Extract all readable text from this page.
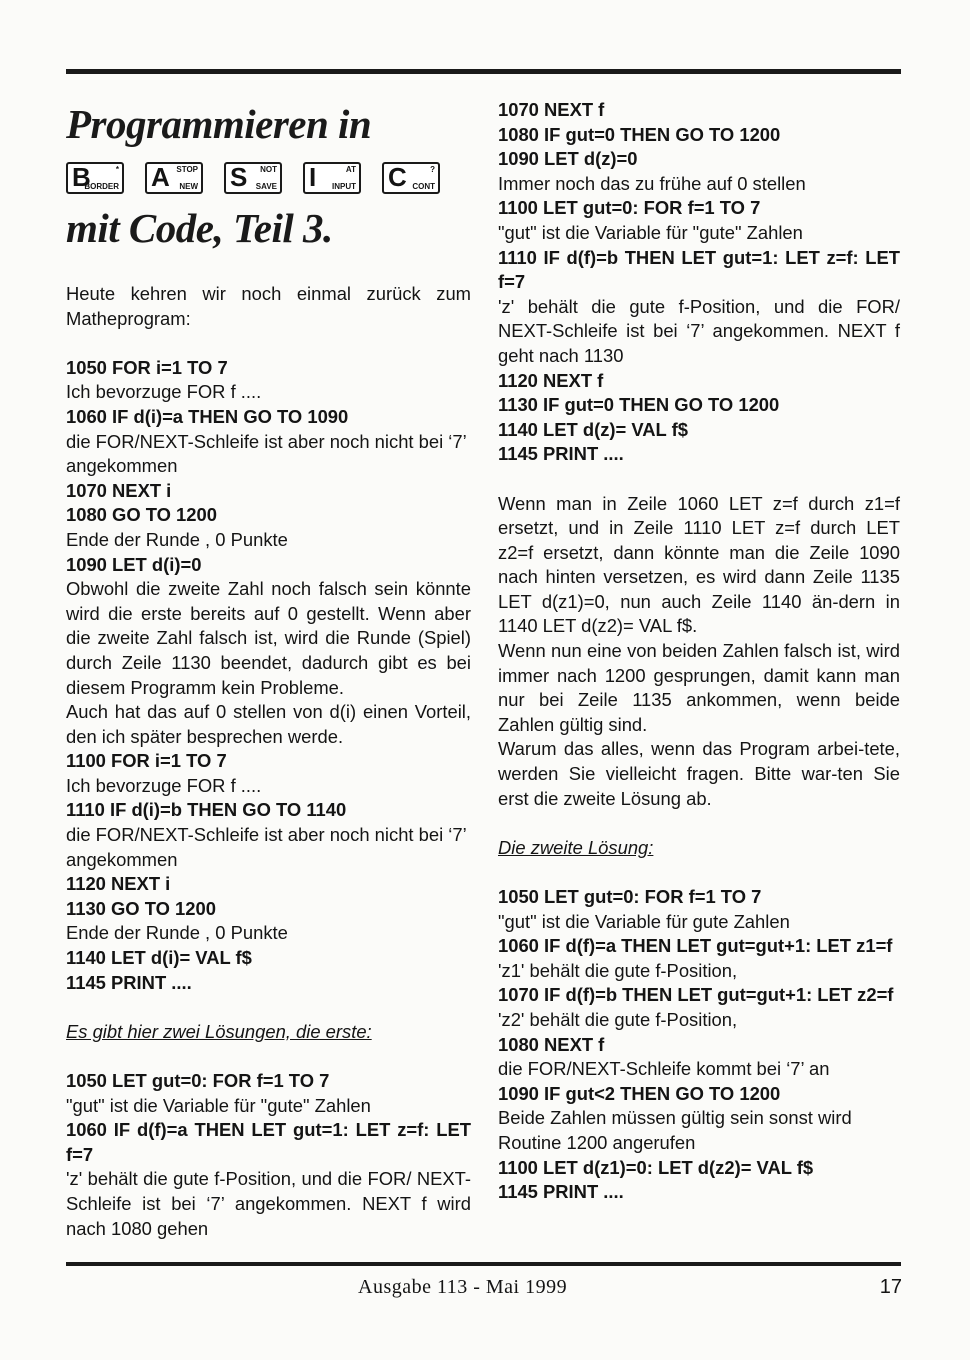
Programmieren in
B	*
BORDER A STOP
NEW S NOT
SAVE I	AT
INPUT C	?
CONT
mit Code, Teil 3.
Heute kehren wir noch einmal zurück zum Matheprogram:
1050 FOR i=1 TO 7
Ich bevorzuge FOR f ....
1060 IF d(i)=a THEN GO TO 1090
die FOR/NEXT-Schleife ist aber noch nicht bei ‘7’ angekommen
1070 NEXT i
1080 GO TO 1200
Ende der Runde , 0 Punkte
1090 LET d(i)=0
Obwohl die zweite Zahl noch falsch sein könnte wird die erste bereits auf 0 gestellt. Wenn aber die zweite Zahl falsch ist, wird die Runde (Spiel) durch Zeile 1130 beendet, dadurch gibt es bei diesem Programm kein Probleme.
Auch hat das auf 0 stellen von d(i) einen Vorteil, den ich später besprechen werde.
1100 FOR i=1 TO 7
Ich bevorzuge FOR f ....
1110 IF d(i)=b THEN GO TO 1140
die FOR/NEXT-Schleife ist aber noch nicht bei ‘7’ angekommen
1120 NEXT i
1130 GO TO 1200
Ende der Runde , 0 Punkte
1140 LET d(i)= VAL f$
1145 PRINT ....
Es gibt hier zwei Lösungen, die erste:
1050 LET gut=0: FOR f=1 TO 7
"gut" ist die Variable für "gute" Zahlen
1060 IF d(f)=a THEN LET gut=1: LET z=f: LET f=7
'z' behält die gute f-Position, und die FOR/ NEXT-Schleife ist bei ‘7’ angekommen. NEXT f wird nach 1080 gehen
1070 NEXT f
1080 IF gut=0 THEN GO TO 1200
1090 LET d(z)=0
Immer noch das zu frühe auf 0 stellen
1100 LET gut=0: FOR f=1 TO 7
"gut" ist die Variable für "gute" Zahlen
1110 IF d(f)=b THEN LET gut=1: LET z=f: LET f=7
'z' behält die gute f-Position, und die FOR/ NEXT-Schleife ist bei ‘7’ angekommen. NEXT f geht nach 1130
1120 NEXT f
1130 IF gut=0 THEN GO TO 1200
1140 LET d(z)= VAL f$
1145 PRINT ....
Wenn man in Zeile 1060 LET z=f durch z1=f ersetzt, und in Zeile 1110 LET z=f durch LET z2=f ersetzt, dann könnte man die Zeile 1090 nach hinten versetzen, es wird dann Zeile 1135 LET d(z1)=0, nun auch Zeile 1140 än-dern in 1140 LET d(z2)= VAL f$.
Wenn nun eine von beiden Zahlen falsch ist, wird immer nach 1200 gesprungen, damit kann man nur bei Zeile 1135 ankommen, wenn beide Zahlen gültig sind.
Warum das alles, wenn das Program arbei-tete, werden Sie vielleicht fragen. Bitte war-ten Sie erst die zweite Lösung ab.
Die zweite Lösung:
1050 LET gut=0: FOR f=1 TO 7
"gut" ist die Variable für gute Zahlen
1060 IF d(f)=a THEN LET gut=gut+1: LET z1=f
'z1' behält die gute f-Position,
1070 IF d(f)=b THEN LET gut=gut+1: LET z2=f
'z2' behält die gute f-Position,
1080 NEXT f
die FOR/NEXT-Schleife kommt bei ‘7’ an
1090 IF gut<2 THEN GO TO 1200
Beide Zahlen müssen gültig sein sonst wird Routine 1200 angerufen
1100 LET d(z1)=0: LET d(z2)= VAL f$
1145 PRINT ....
Ausgabe 113 - Mai 1999	17
